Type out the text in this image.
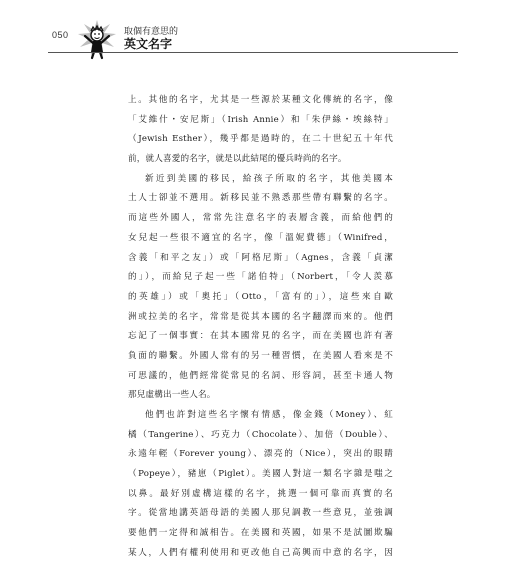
050	取個有意思的
英文名字
上。其他的名字，尤其是一些源於某種文化傳統的名字，像
「艾維什・安尼斯」（Irish Annie）和「朱伊絲・埃絲特」
（Jewish Esther），幾乎都是過時的，在二十世紀五十年代
前，就人喜愛的名字，就是以此結尾的優兵時尚的名字。
新近到美國的移民，給孩子所取的名字，其他美國本
土人士卻並不選用。新移民並不熟悉那些帶有聯繫的名字。
而這些外國人，常常先注意名字的表層含義，而給他們的
女兒起一些很不適宜的名字，像「溫妮費德」（Winifred，
含義「和平之友」）或「阿格尼斯」（Agnes，含義「貞潔
的」），而給兒子起一些「諾伯特」（Norbert，「令人羨慕
的英雄」）或「奧托」（Otto，「富有的」），這些來自歐
洲或拉美的名字，常常是從其本國的名字翻譯而來的。他們
忘記了一個事實：在其本國常見的名字，而在美國也許有著
負面的聯繫。外國人常有的另一種習慣，在美國人看來是不
可思議的，他們經常從常見的名詞、形容詞，甚至卡通人物
那兒虛構出一些人名。
他們也許對這些名字懷有情感，像金錢（Money）、紅
橘（Tangerine）、巧克力（Chocolate）、加倍（Double）、
永遠年輕（Forever young）、漂亮的（Nice），突出的眼睛
（Popeye），豬崽（Piglet）。美國人對這一類名字雜是嗤之
以鼻。最好別虛構這樣的名字，挑選一個可靠而真實的名
字。從當地講英語母語的美國人那兒調教一些意見，並強調
要他們一定得和誠相告。在美國和英國，如果不是試圖欺騙
某人，人們有權利使用和更改他自己高興而中意的名字，因
